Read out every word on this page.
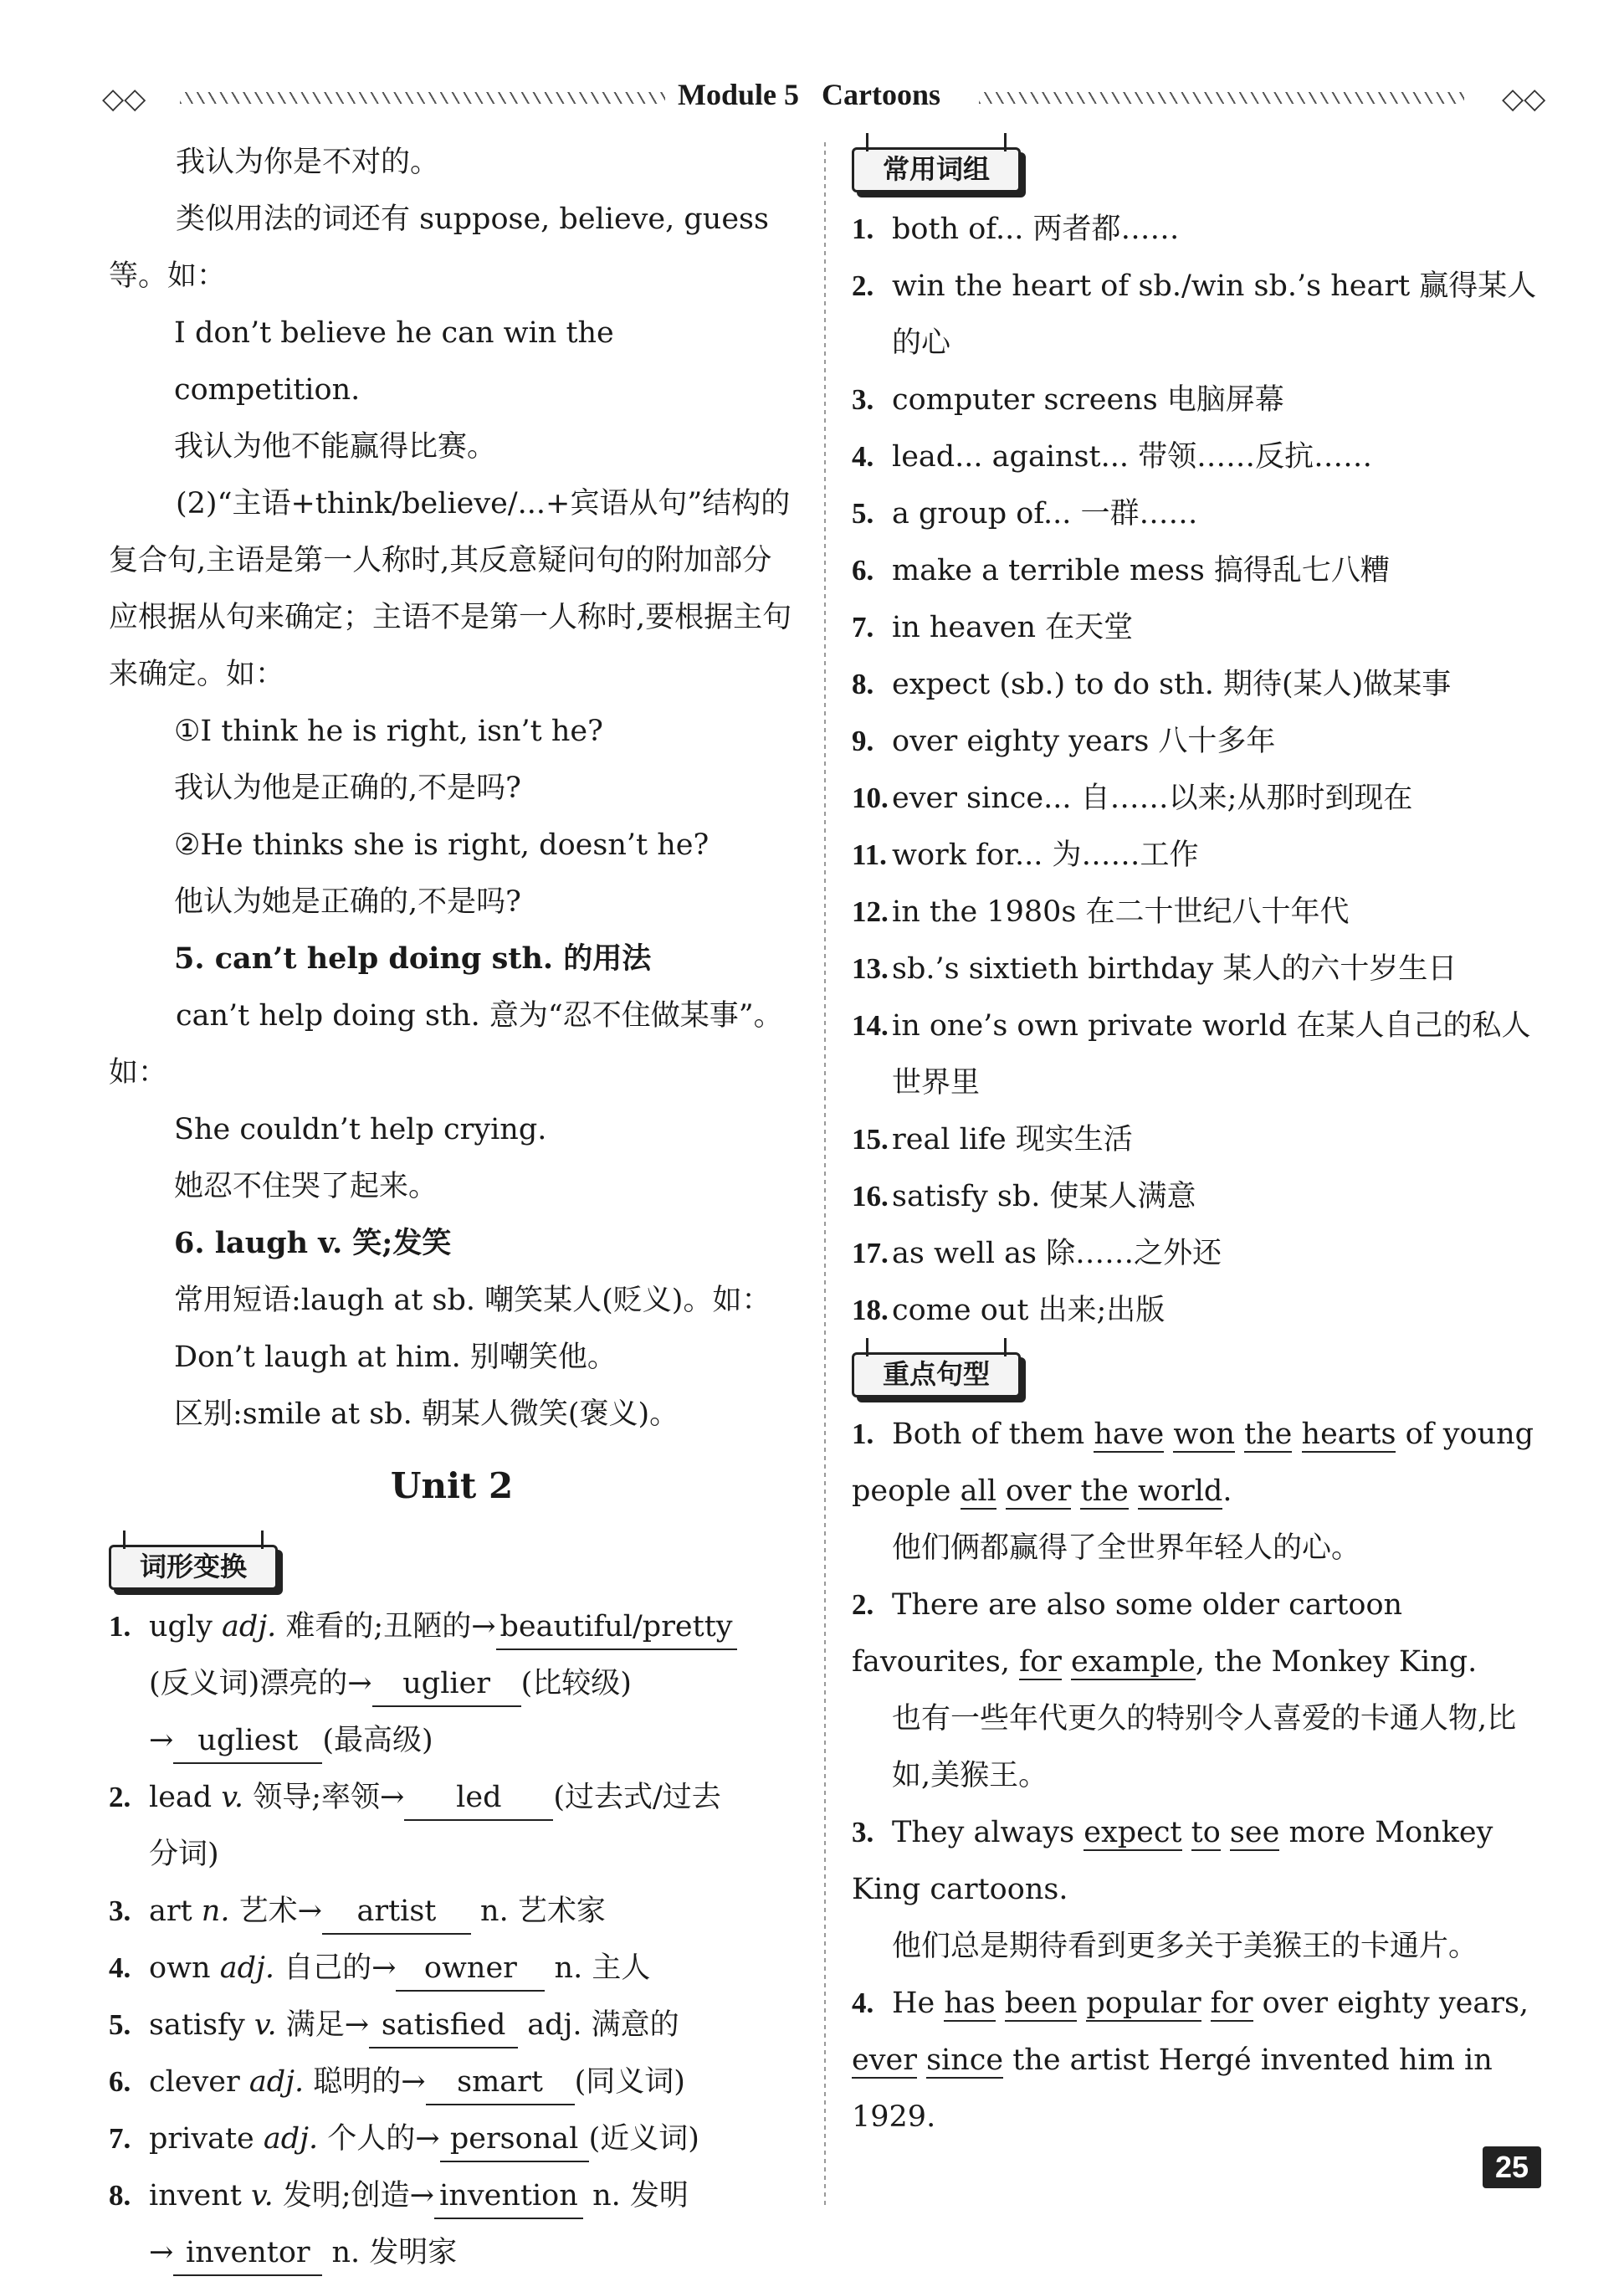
◇◇	Module 5   Cartoons	◇◇

我认为你是不对的。

类似用法的词还有 suppose, believe, guess 等。如：

I don’t believe he can win the competition.

我认为他不能赢得比赛。

(2)“主语+think/believe/...+宾语从句”结构的复合句,主语是第一人称时,其反意疑问句的附加部分应根据从句来确定；主语不是第一人称时,要根据主句来确定。如：

①I think he is right, isn’t he?

我认为他是正确的,不是吗?

②He thinks she is right, doesn’t he?

他认为她是正确的,不是吗?

5. can’t help doing sth. 的用法

can’t help doing sth. 意为“忍不住做某事”。如：

She couldn’t help crying.

她忍不住哭了起来。

6. laugh v. 笑;发笑

常用短语:laugh at sb. 嘲笑某人(贬义)。如：

Don’t laugh at him. 别嘲笑他。

区别:smile at sb. 朝某人微笑(褒义)。

Unit 2
词形变换
1. ugly adj. 难看的;丑陋的→ beautiful/pretty
(反义词)漂亮的→ uglier (比较级)
→ ugliest (最高级)
2. lead v. 领导;率领→ led (过去式/过去
分词)
3. art n. 艺术→ artist n. 艺术家
4. own adj. 自己的→ owner n. 主人
5. satisfy v. 满足→ satisfied adj. 满意的
6. clever adj. 聪明的→ smart (同义词)
7. private adj. 个人的→ personal (近义词)
8. invent v. 发明;创造→ invention n. 发明
→ inventor n. 发明家
常用词组
1. both of... 两者都……
2. win the heart of sb./win sb.’s heart 赢得某人的心
3. computer screens 电脑屏幕
4. lead... against... 带领……反抗……
5. a group of... 一群……
6. make a terrible mess 搞得乱七八糟
7. in heaven 在天堂
8. expect (sb.) to do sth. 期待(某人)做某事
9. over eighty years 八十多年
10. ever since... 自……以来;从那时到现在
11. work for... 为……工作
12. in the 1980s 在二十世纪八十年代
13. sb.’s sixtieth birthday 某人的六十岁生日
14. in one’s own private world 在某人自己的私人世界里
15. real life 现实生活
16. satisfy sb. 使某人满意
17. as well as 除……之外还
18. come out 出来;出版
重点句型
1. Both of them have won the hearts of young people all over the world.
他们俩都赢得了全世界年轻人的心。
2. There are also some older cartoon favourites, for example, the Monkey King.
也有一些年代更久的特别令人喜爱的卡通人物,比如,美猴王。
3. They always expect to see more Monkey King cartoons.
他们总是期待看到更多关于美猴王的卡通片。
4. He has been popular for over eighty years, ever since the artist Hergé invented him in 1929.
25
